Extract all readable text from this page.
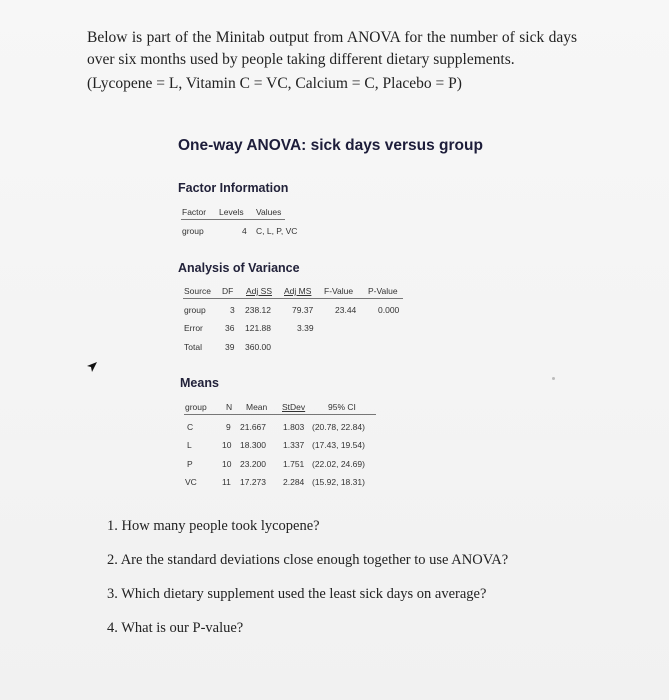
Below is part of the Minitab output from ANOVA for the number of sick days over six months used by people taking different dietary supplements.

(Lycopene = L, Vitamin C = VC, Calcium = C, Placebo = P)

One-way ANOVA: sick days versus group
Factor Information
Factor Levels Values
group	4 C, L, P, VC
Analysis of Variance
Source DF Adj SS Adj MS F-Value P-Value
group	3 238.12 79.37	23.44	0.000
Error	36 121.88	3.39
Total	39 360.00
Means
group N Mean StDev	95% CI
C	9 21.667 1.803 (20.78, 22.84)
L	10 18.300 1.337 (17.43, 19.54)
P	10 23.200 1.751 (22.02, 24.69)
VC	11 17.273 2.284 (15.92, 18.31)
1. How many people took lycopene?
2. Are the standard deviations close enough together to use ANOVA?
3. Which dietary supplement used the least sick days on average?
4. What is our P-value?
